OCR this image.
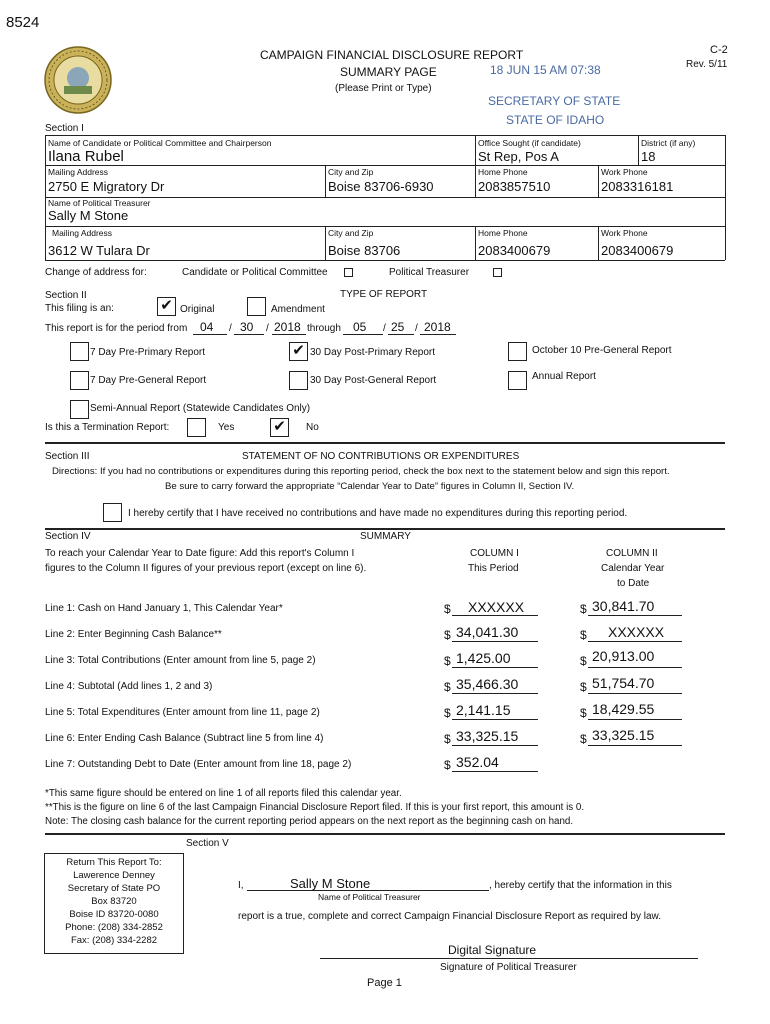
8524
CAMPAIGN FINANCIAL DISCLOSURE REPORT
SUMMARY PAGE
(Please Print or Type)
C-2
Rev. 5/11
18 JUN 15 AM 07:38
SECRETARY OF STATE
STATE OF IDAHO
Section I
Name of Candidate or Political Committee and Chairperson
Ilana Rubel
Office Sought (if candidate)
St Rep, Pos A
District (if any)
18
Mailing Address
2750 E Migratory Dr
City and Zip
Boise 83706-6930
Home Phone
2083857510
Work Phone
2083316181
Name of Political Treasurer
Sally M Stone
Mailing Address
3612 W Tulara Dr
City and Zip
Boise 83706
Home Phone
2083400679
Work Phone
2083400679
Change of address for:	Candidate or Political Committee	Political Treasurer
Section II	TYPE OF REPORT
This filing is an:	✔ Original	Amendment
This report is for the period from 04 / 30 / 2018 through 05 / 25 / 2018
7 Day Pre-Primary Report	✔ 30 Day Post-Primary Report	October 10 Pre-General Report
7 Day Pre-General Report	30 Day Post-General Report	Annual Report
Semi-Annual Report (Statewide Candidates Only)
Is this a Termination Report:	Yes	✔	No
Section III	STATEMENT OF NO CONTRIBUTIONS OR EXPENDITURES
Directions: If you had no contributions or expenditures during this reporting period, check the box next to the statement below and sign this report.
Be sure to carry forward the appropriate “Calendar Year to Date” figures in Column II, Section IV.
I hereby certify that I have received no contributions and have made no expenditures during this reporting period.
Section IV	SUMMARY
To reach your Calendar Year to Date figure: Add this report's Column I
figures to the Column II figures of your previous report (except on line 6).
COLUMN I
This Period
COLUMN II
Calendar Year
to Date
Line 1: Cash on Hand January 1, This Calendar Year*	$ XXXXXX	$ 30,841.70
Line 2: Enter Beginning Cash Balance**	$ 34,041.30	$ XXXXXX
Line 3: Total Contributions (Enter amount from line 5, page 2)	$ 1,425.00	$ 20,913.00
Line 4: Subtotal (Add lines 1, 2 and 3)	$ 35,466.30	$ 51,754.70
Line 5: Total Expenditures (Enter amount from line 11, page 2)	$ 2,141.15	$ 18,429.55
Line 6: Enter Ending Cash Balance (Subtract line 5 from line 4)	$ 33,325.15	$ 33,325.15
Line 7: Outstanding Debt to Date (Enter amount from line 18, page 2)	$ 352.04
*This same figure should be entered on line 1 of all reports filed this calendar year.
**This is the figure on line 6 of the last Campaign Financial Disclosure Report filed. If this is your first report, this amount is 0.
Note: The closing cash balance for the current reporting period appears on the next report as the beginning cash on hand.
Section V
Return This Report To:
Lawerence Denney
Secretary of State PO
Box 83720
Boise ID 83720-0080
Phone: (208) 334-2852
Fax: (208) 334-2282
I,	Sally M Stone	, hereby certify that the information in this
Name of Political Treasurer
report is a true, complete and correct Campaign Financial Disclosure Report as required by law.
Digital Signature
Signature of Political Treasurer
Page 1
